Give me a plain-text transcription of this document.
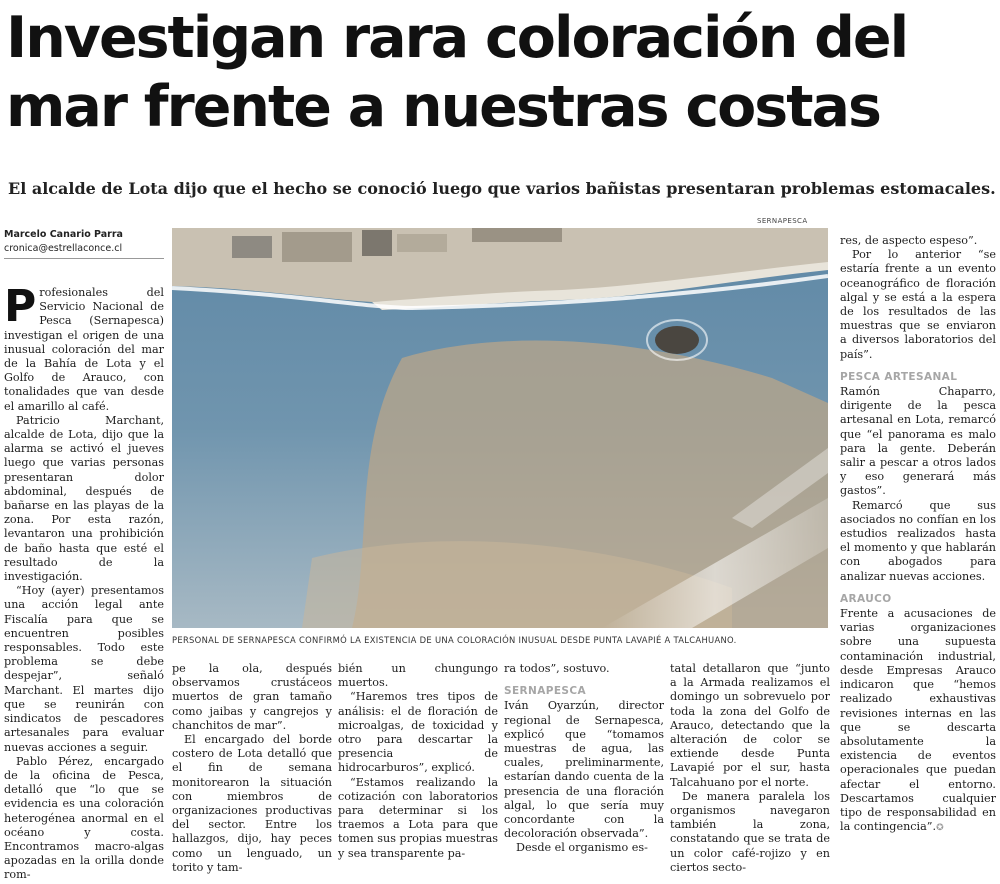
Investigan rara coloración del
mar frente a nuestras costas

El alcalde de Lota dijo que el hecho se conoció luego que varios bañistas presentaran problemas estomacales.

Marcelo Canario Parra
cronica@estrellaconce.cl
SERNAPESCA
PERSONAL DE SERNAPESCA CONFIRMÓ LA EXISTENCIA DE UNA COLORACIÓN INUSUAL DESDE PUNTA LAVAPIÉ A TALCAHUANO.

Profesionales del Servicio Nacional de Pesca (Sernapesca) investigan el origen de una inusual coloración del mar de la Bahía de Lota y el Golfo de Arauco, con tonalidades que van desde el amarillo al café.

Patricio Marchant, alcalde de Lota, dijo que la alarma se activó el jueves luego que varias personas presentaran dolor abdominal, después de bañarse en las playas de la zona. Por esta razón, levantaron una prohibición de baño hasta que esté el resultado de la investigación.

“Hoy (ayer) presentamos una acción legal ante Fiscalía para que se encuentren posibles responsables. Todo este problema se debe despejar”, señaló Marchant. El martes dijo que se reunirán con sindicatos de pescadores artesanales para evaluar nuevas acciones a seguir.

Pablo Pérez, encargado de la oficina de Pesca, detalló que “lo que se evidencia es una coloración heterogénea anormal en el océano y costa. Encontramos macro-algas apozadas en la orilla donde rom-

pe la ola, después observamos crustáceos muertos de gran tamaño como jaibas y cangrejos y chanchitos de mar”.

El encargado del borde costero de Lota detalló que el fin de semana monitorearon la situación con miembros de organizaciones productivas del sector. Entre los hallazgos, dijo, hay peces como un lenguado, un torito y tam-

bién un chungungo muertos.

“Haremos tres tipos de análisis: el de floración de microalgas, de toxicidad y otro para descartar la presencia de hidrocarburos”, explicó.

“Estamos realizando la cotización con laboratorios para determinar si los traemos a Lota para que tomen sus propias muestras y sea transparente pa-

ra todos”, sostuvo.

SERNAPESCA

Iván Oyarzún, director regional de Sernapesca, explicó que “tomamos muestras de agua, las cuales, preliminarmente, estarían dando cuenta de la presencia de una floración algal, lo que sería muy concordante con la decoloración observada”.

Desde el organismo es-

tatal detallaron que “junto a la Armada realizamos el domingo un sobrevuelo por toda la zona del Golfo de Arauco, detectando que la alteración de color se extiende desde Punta Lavapié por el sur, hasta Talcahuano por el norte.

De manera paralela los organismos navegaron también la zona, constatando que se trata de un color café-rojizo y en ciertos secto-

res, de aspecto espeso”.

Por lo anterior “se estaría frente a un evento oceanográfico de floración algal y se está a la espera de los resultados de las muestras que se enviaron a diversos laboratorios del país”.

PESCA ARTESANAL

Ramón Chaparro, dirigente de la pesca artesanal en Lota, remarcó que “el panorama es malo para la gente. Deberán salir a pescar a otros lados y eso generará más gastos”.

Remarcó que sus asociados no confían en los estudios realizados hasta el momento y que hablarán con abogados para analizar nuevas acciones.

ARAUCO

Frente a acusaciones de varias organizaciones sobre una supuesta contaminación industrial, desde Empresas Arauco indicaron que “hemos realizado exhaustivas revisiones internas en las que se descarta absolutamente la existencia de eventos operacionales que puedan afectar el entorno. Descartamos cualquier tipo de responsabilidad en la contingencia”.✪
